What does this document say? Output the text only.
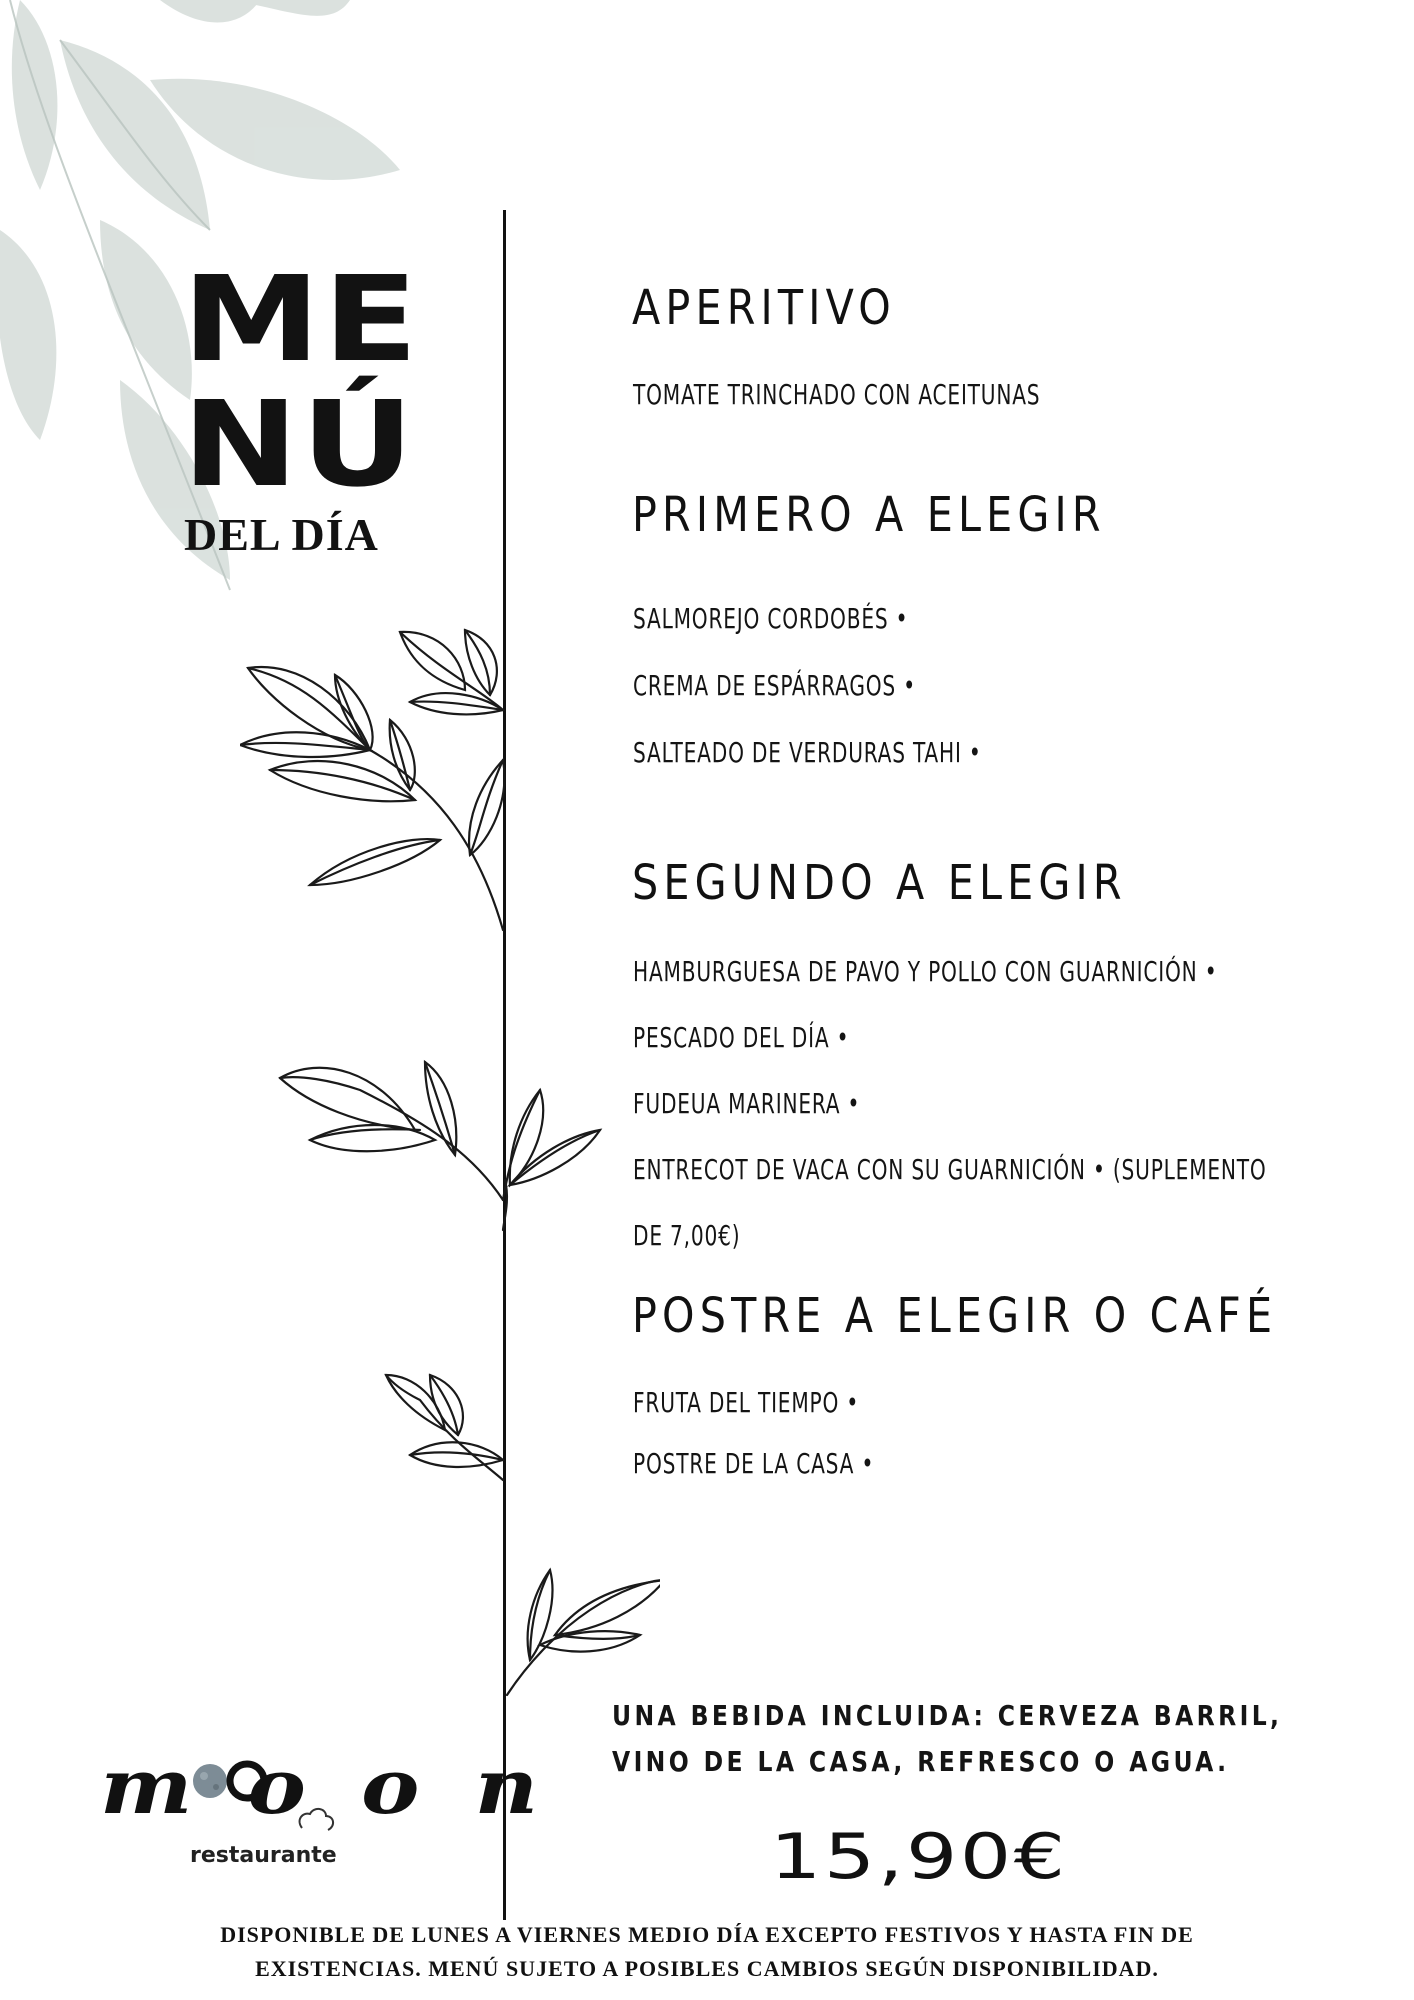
ME
NÚ
DEL DÍA
APERITIVO
TOMATE TRINCHADO CON ACEITUNAS
PRIMERO A ELEGIR
SALMOREJO CORDOBÉS •
CREMA DE ESPÁRRAGOS •
SALTEADO DE VERDURAS TAHI •
SEGUNDO A ELEGIR
HAMBURGUESA DE PAVO Y POLLO CON GUARNICIÓN •
PESCADO DEL DÍA •
FUDEUA MARINERA •
ENTRECOT DE VACA CON SU GUARNICIÓN • (SUPLEMENTO
DE 7,00€)
POSTRE A ELEGIR O CAFÉ
FRUTA DEL TIEMPO •
POSTRE DE LA CASA •
UNA BEBIDA INCLUIDA: CERVEZA BARRIL,
VINO DE LA CASA, REFRESCO O AGUA.
15,90€
moon
restaurante
DISPONIBLE DE LUNES A VIERNES MEDIO DÍA EXCEPTO FESTIVOS Y HASTA FIN DE
EXISTENCIAS. MENÚ SUJETO A POSIBLES CAMBIOS SEGÚN DISPONIBILIDAD.
